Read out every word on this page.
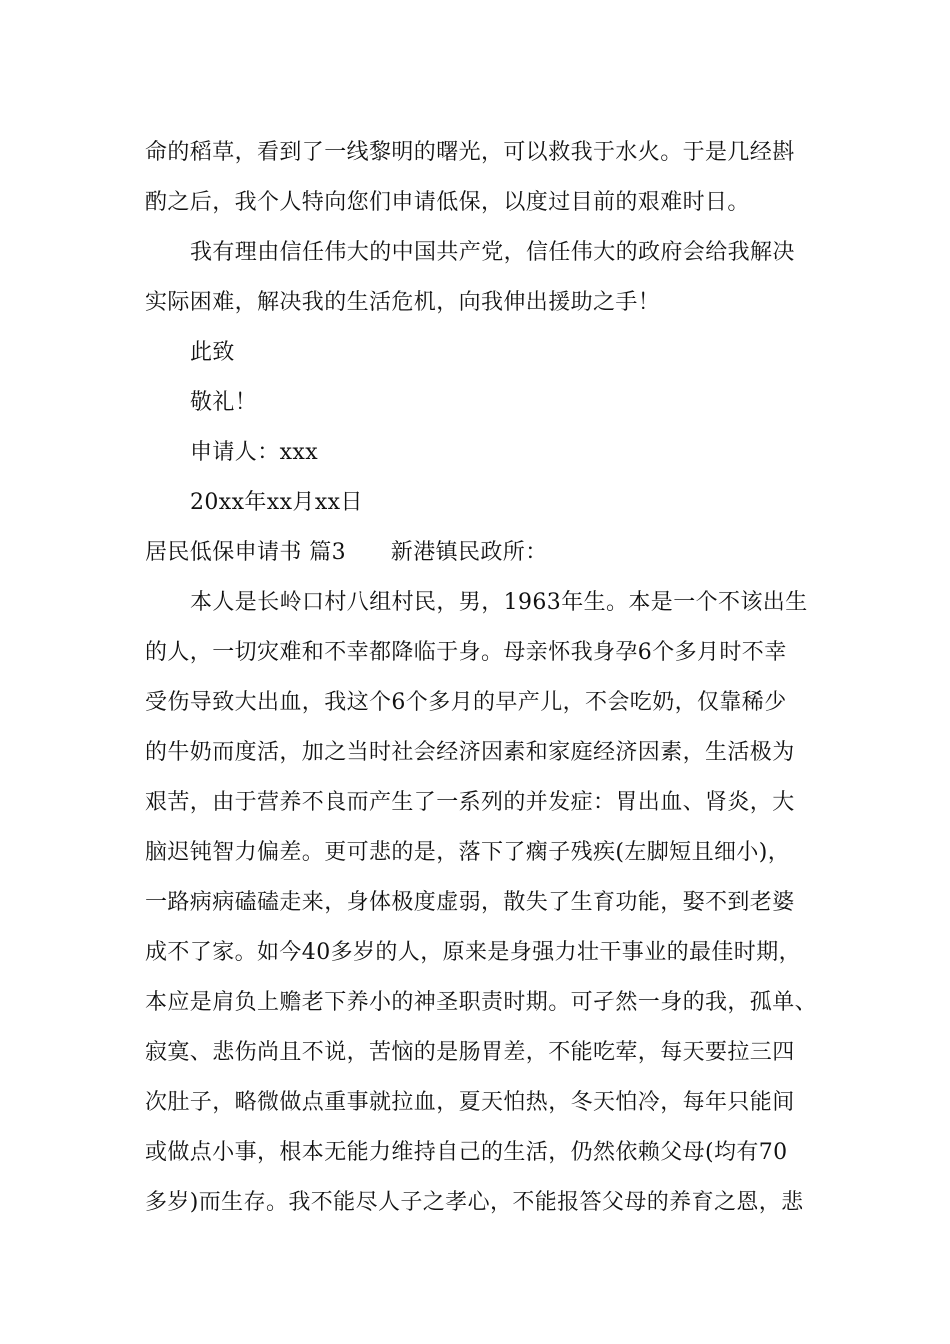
命的稻草，看到了一线黎明的曙光，可以救我于水火。于是几经斟
酌之后，我个人特向您们申请低保，以度过目前的艰难时日。
我有理由信任伟大的中国共产党，信任伟大的政府会给我解决
实际困难，解决我的生活危机，向我伸出援助之手！
此致
敬礼！
申请人：xxx
20xx年xx月xx日
居民低保申请书 篇3　　新港镇民政所：
本人是长岭口村八组村民，男，1963年生。本是一个不该出生
的人，一切灾难和不幸都降临于身。母亲怀我身孕6个多月时不幸
受伤导致大出血，我这个6个多月的早产儿，不会吃奶，仅靠稀少
的牛奶而度活，加之当时社会经济因素和家庭经济因素，生活极为
艰苦，由于营养不良而产生了一系列的并发症：胃出血、肾炎，大
脑迟钝智力偏差。更可悲的是，落下了瘸子残疾(左脚短且细小)，
一路病病磕磕走来，身体极度虚弱，散失了生育功能，娶不到老婆
成不了家。如今40多岁的人，原来是身强力壮干事业的最佳时期，
本应是肩负上赡老下养小的神圣职责时期。可孑然一身的我，孤单、
寂寞、悲伤尚且不说，苦恼的是肠胃差，不能吃荤，每天要拉三四
次肚子，略微做点重事就拉血，夏天怕热，冬天怕冷，每年只能间
或做点小事，根本无能力维持自己的生活，仍然依赖父母(均有70
多岁)而生存。我不能尽人子之孝心，不能报答父母的养育之恩，悲
